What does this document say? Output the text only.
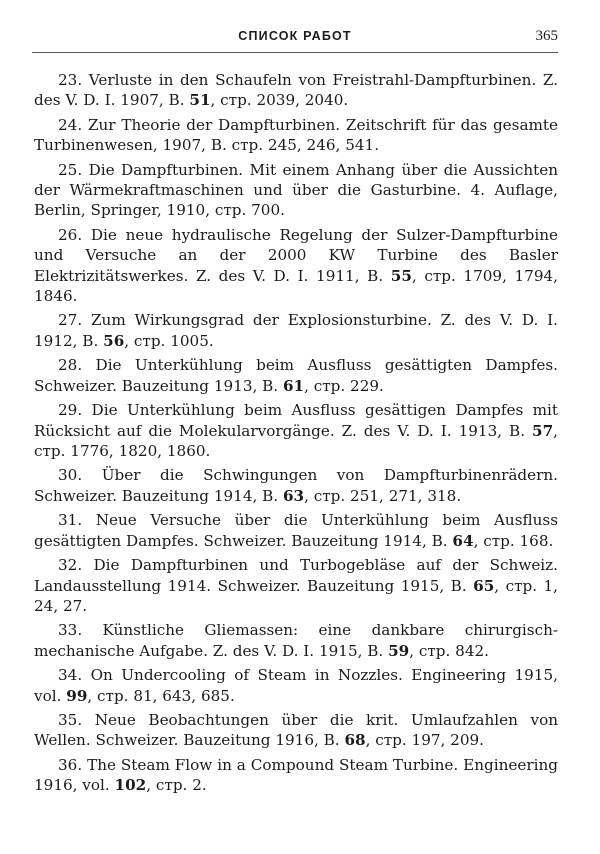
СПИСОК РАБОТ	365

23. Verluste in den Schaufeln von Freistrahl-Dampfturbinen. Z. des V. D. I. 1907, B. 51, стр. 2039, 2040.

24. Zur Theorie der Dampfturbinen. Zeitschrift für das gesamte Turbinenwesen, 1907, B. стр. 245, 246, 541.

25. Die Dampfturbinen. Mit einem Anhang über die Aussichten der Wärmekraftmaschinen und über die Gasturbine. 4. Auflage, Berlin, Springer, 1910, стр. 700.

26. Die neue hydraulische Regelung der Sulzer-Dampfturbine und Versuche an der 2000 KW Turbine des Basler Elektrizitätswerkes. Z. des V. D. I. 1911, B. 55, стр. 1709, 1794, 1846.

27. Zum Wirkungsgrad der Explosionsturbine. Z. des V. D. I. 1912, B. 56, стр. 1005.

28. Die Unterkühlung beim Ausfluss gesättigten Dampfes. Schweizer. Bauzeitung 1913, B. 61, стр. 229.

29. Die Unterkühlung beim Ausfluss gesättigen Dampfes mit Rücksicht auf die Molekularvorgänge. Z. des V. D. I. 1913, B. 57, стр. 1776, 1820, 1860.

30. Über die Schwingungen von Dampfturbinenrädern. Schweizer. Bauzeitung 1914, B. 63, стр. 251, 271, 318.

31. Neue Versuche über die Unterkühlung beim Ausfluss gesättigten Dampfes. Schweizer. Bauzeitung 1914, B. 64, стр. 168.

32. Die Dampfturbinen und Turbogebläse auf der Schweiz. Landausstellung 1914. Schweizer. Bauzeitung 1915, B. 65, стр. 1, 24, 27.

33. Künstliche Gliemassen: eine dankbare chirurgisch-mechanische Aufgabe. Z. des V. D. I. 1915, B. 59, стр. 842.

34. On Undercooling of Steam in Nozzles. Engineering 1915, vol. 99, стр. 81, 643, 685.

35. Neue Beobachtungen über die krit. Umlaufzahlen von Wellen. Schweizer. Bauzeitung 1916, B. 68, стр. 197, 209.

36. The Steam Flow in a Compound Steam Turbine. Engineering 1916, vol. 102, стр. 2.
